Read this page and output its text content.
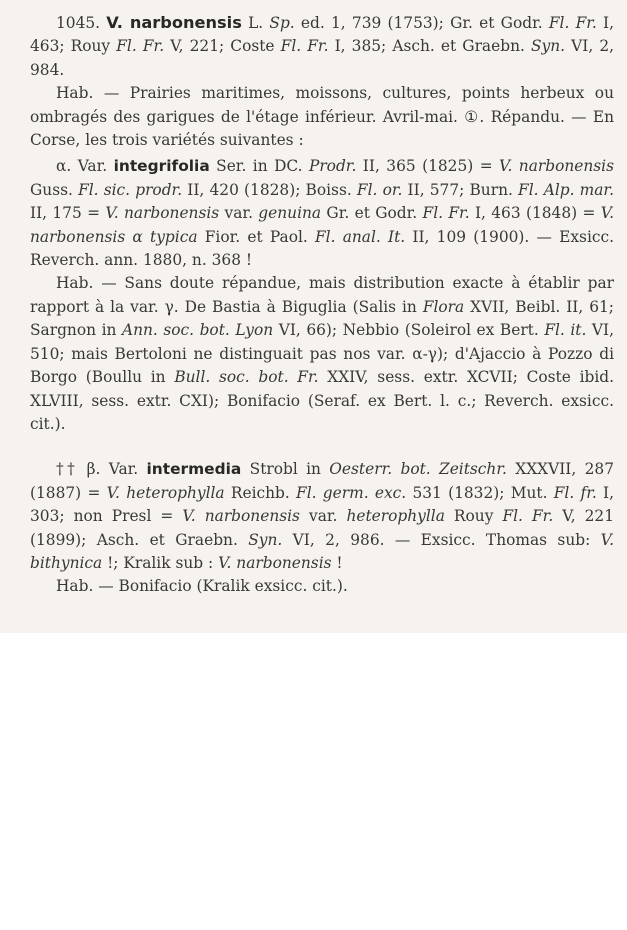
1045. V. narbonensis L. Sp. ed. 1, 739 (1753); Gr. et Godr. Fl. Fr. I, 463; Rouy Fl. Fr. V, 221; Coste Fl. Fr. I, 385; Asch. et Graebn. Syn. VI, 2, 984.

Hab. — Prairies maritimes, moissons, cultures, points herbeux ou ombragés des garigues de l'étage inférieur. Avril-mai. ①. Répandu. — En Corse, les trois variétés suivantes :

α. Var. integrifolia Ser. in DC. Prodr. II, 365 (1825) = V. narbonensis Guss. Fl. sic. prodr. II, 420 (1828); Boiss. Fl. or. II, 577; Burn. Fl. Alp. mar. II, 175 = V. narbonensis var. genuina Gr. et Godr. Fl. Fr. I, 463 (1848) = V. narbonensis α typica Fior. et Paol. Fl. anal. It. II, 109 (1900). — Exsicc. Reverch. ann. 1880, n. 368 !

Hab. — Sans doute répandue, mais distribution exacte à établir par rapport à la var. γ. De Bastia à Biguglia (Salis in Flora XVII, Beibl. II, 61; Sargnon in Ann. soc. bot. Lyon VI, 66); Nebbio (Soleirol ex Bert. Fl. it. VI, 510; mais Bertoloni ne distinguait pas nos var. α-γ); d'Ajaccio à Pozzo di Borgo (Boullu in Bull. soc. bot. Fr. XXIV, sess. extr. XCVII; Coste ibid. XLVIII, sess. extr. CXI); Bonifacio (Seraf. ex Bert. l. c.; Reverch. exsicc. cit.).

†† β. Var. intermedia Strobl in Oesterr. bot. Zeitschr. XXXVII, 287 (1887) = V. heterophylla Reichb. Fl. germ. exc. 531 (1832); Mut. Fl. fr. I, 303; non Presl = V. narbonensis var. heterophylla Rouy Fl. Fr. V, 221 (1899); Asch. et Graebn. Syn. VI, 2, 986. — Exsicc. Thomas sub: V. bithynica !; Kralik sub : V. narbonensis !

Hab. — Bonifacio (Kralik exsicc. cit.).
